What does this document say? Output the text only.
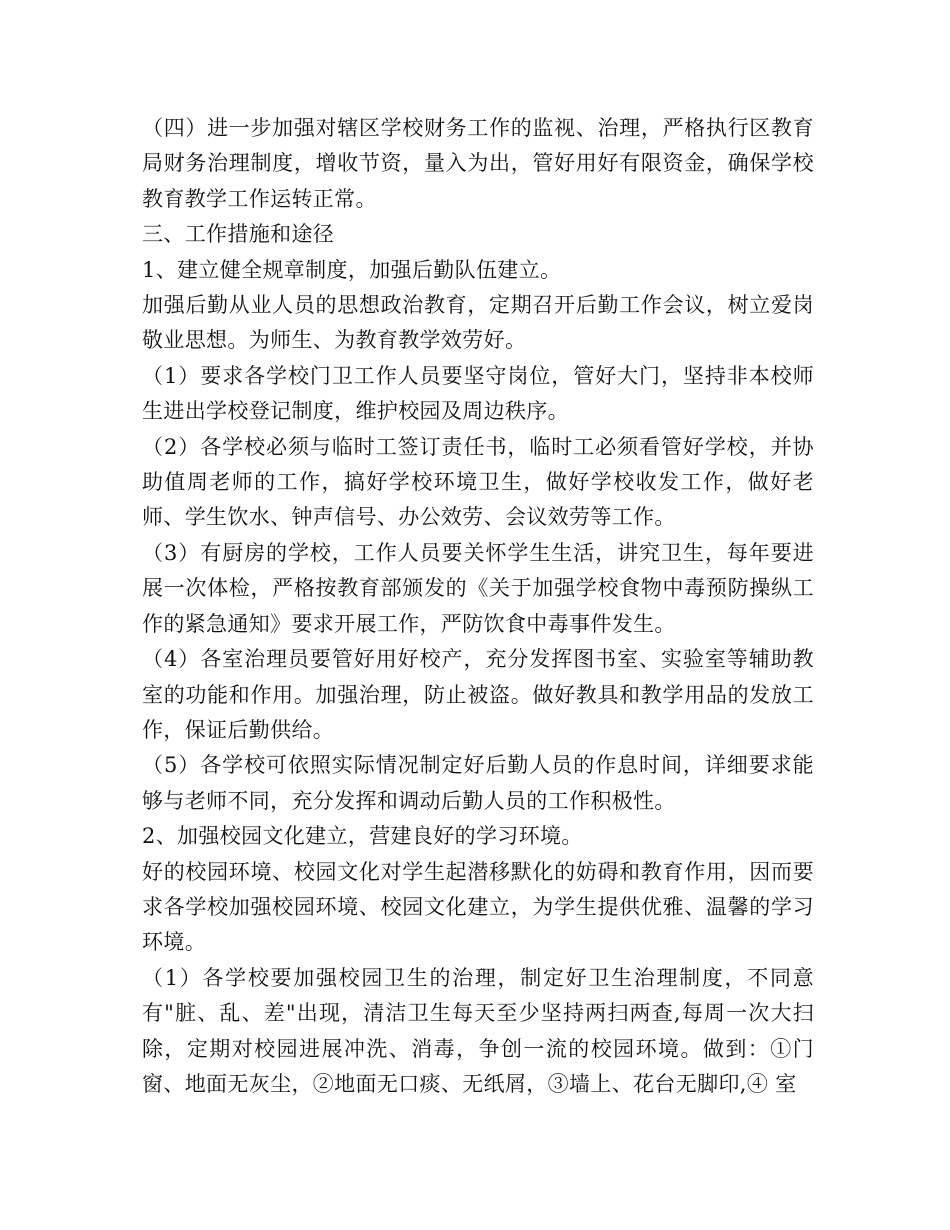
（四）进一步加强对辖区学校财务工作的监视、治理，严格执行区教育局财务治理制度，增收节资，量入为出，管好用好有限资金，确保学校教育教学工作运转正常。

三、工作措施和途径

1、建立健全规章制度，加强后勤队伍建立。

加强后勤从业人员的思想政治教育，定期召开后勤工作会议，树立爱岗敬业思想。为师生、为教育教学效劳好。

（1）要求各学校门卫工作人员要坚守岗位，管好大门，坚持非本校师生进出学校登记制度，维护校园及周边秩序。

（2）各学校必须与临时工签订责任书，临时工必须看管好学校，并协助值周老师的工作，搞好学校环境卫生，做好学校收发工作，做好老师、学生饮水、钟声信号、办公效劳、会议效劳等工作。

（3）有厨房的学校，工作人员要关怀学生生活，讲究卫生，每年要进展一次体检，严格按教育部颁发的《关于加强学校食物中毒预防操纵工作的紧急通知》要求开展工作，严防饮食中毒事件发生。

（4）各室治理员要管好用好校产，充分发挥图书室、实验室等辅助教室的功能和作用。加强治理，防止被盗。做好教具和教学用品的发放工作，保证后勤供给。

（5）各学校可依照实际情况制定好后勤人员的作息时间，详细要求能够与老师不同，充分发挥和调动后勤人员的工作积极性。

2、加强校园文化建立，营建良好的学习环境。

好的校园环境、校园文化对学生起潜移默化的妨碍和教育作用，因而要求各学校加强校园环境、校园文化建立，为学生提供优雅、温馨的学习环境。

（1）各学校要加强校园卫生的治理，制定好卫生治理制度，不同意有"脏、乱、差"出现，清洁卫生每天至少坚持两扫两查,每周一次大扫除，定期对校园进展冲洗、消毒，争创一流的校园环境。做到：①门窗、地面无灰尘，②地面无口痰、无纸屑，③墙上、花台无脚印,④ 室
